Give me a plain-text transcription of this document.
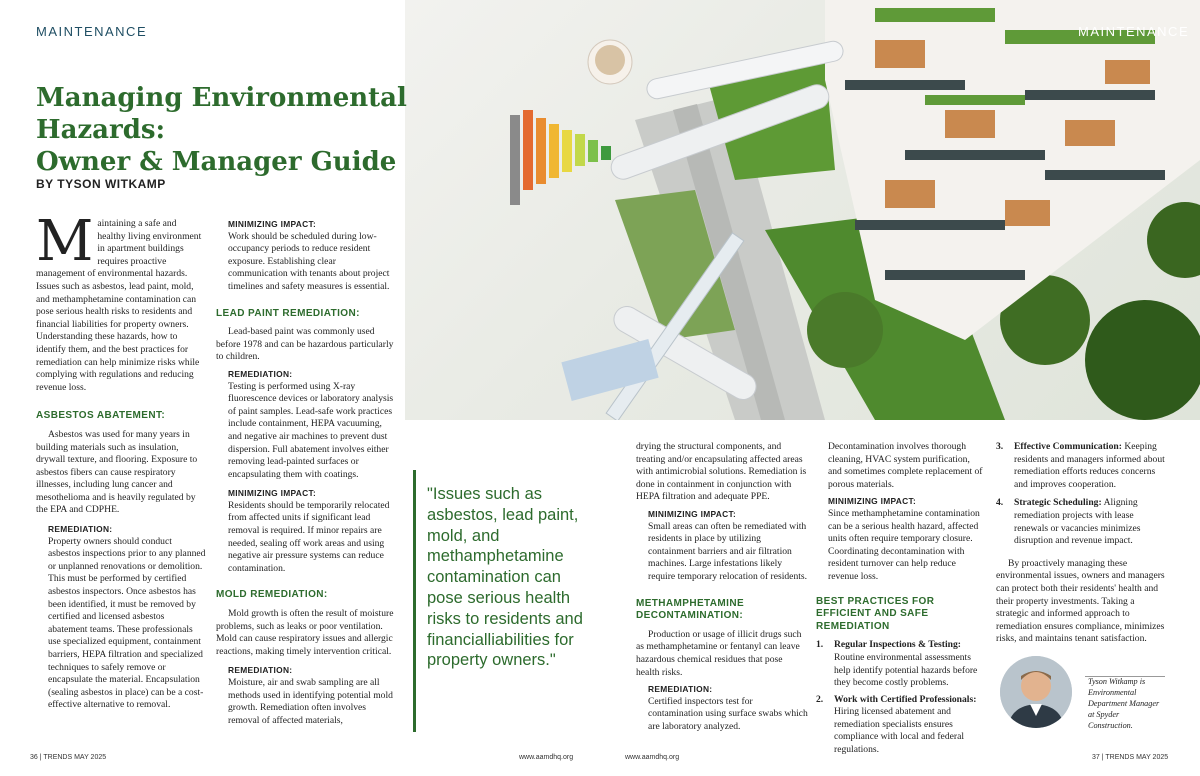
MAINTENANCE	MAINTENANCE
Managing Environmental Hazards:
Owner & Manager Guide
BY TYSON WITKAMP

Maintaining a safe and healthy living environment in apartment buildings requires proactive management of environmental hazards. Issues such as asbestos, lead paint, mold, and methamphetamine contamination can pose serious health risks to residents and financial liabilities for property owners. Understanding these hazards, how to identify them, and the best practices for remediation can help minimize risks while complying with regulations and reducing revenue loss.

ASBESTOS ABATEMENT:

Asbestos was used for many years in building materials such as insulation, drywall texture, and flooring. Exposure to asbestos fibers can cause respiratory illnesses, including lung cancer and mesothelioma and is heavily regulated by the EPA and CDPHE.

REMEDIATION:

Property owners should conduct asbestos inspections prior to any planned or unplanned renovations or demolition. This must be performed by certified asbestos inspectors. Once asbestos has been identified, it must be removed by certified and licensed asbestos abatement teams. These professionals use specialized equipment, containment barriers, HEPA filtration and specialized techniques to safely remove or encapsulate the material. Encapsulation (sealing asbestos in place) can be a cost-effective alternative to removal.

MINIMIZING IMPACT:

Work should be scheduled during low-occupancy periods to reduce resident exposure. Establishing clear communication with tenants about project timelines and safety measures is essential.

LEAD PAINT REMEDIATION:

Lead-based paint was commonly used before 1978 and can be hazardous particularly to children.

REMEDIATION:

Testing is performed using X-ray fluorescence devices or laboratory analysis of paint samples. Lead-safe work practices include containment, HEPA vacuuming, and negative air machines to prevent dust dispersion. Full abatement involves either removing lead-painted surfaces or encapsulating them with coatings.

MINIMIZING IMPACT:

Residents should be temporarily relocated from affected units if significant lead removal is required. If minor repairs are needed, sealing off work areas and using negative air pressure systems can reduce contamination.

MOLD REMEDIATION:

Mold growth is often the result of moisture problems, such as leaks or poor ventilation. Mold can cause respiratory issues and allergic reactions, making timely intervention critical.

REMEDIATION:

Moisture, air and swab sampling are all methods used in identifying potential mold growth. Remediation often involves removal of affected materials,

"Issues such as asbestos, lead paint, mold, and methamphetamine contamination can pose serious health risks to residents and financialliabilities for property owners."

drying the structural components, and treating and/or encapsulating affected areas with antimicrobial solutions. Remediation is done in containment in conjunction with HEPA filtration and adequate PPE.

MINIMIZING IMPACT:

Small areas can often be remediated with residents in place by utilizing containment barriers and air filtration machines. Large infestations likely require temporary relocation of residents.

METHAMPHETAMINE DECONTAMINATION:

Production or usage of illicit drugs such as methamphetamine or fentanyl can leave hazardous chemical residues that pose health risks.

REMEDIATION:

Certified inspectors test for contamination using surface swabs which are laboratory analyzed.

Decontamination involves thorough cleaning, HVAC system purification, and sometimes complete replacement of porous materials.

MINIMIZING IMPACT:

Since methamphetamine contamination can be a serious health hazard, affected units often require temporary closure. Coordinating decontamination with resident turnover can help reduce revenue loss.

BEST PRACTICES FOR EFFICIENT AND SAFE REMEDIATION

1. Regular Inspections & Testing: Routine environmental assessments help identify potential hazards before they become costly problems.
2. Work with Certified Professionals: Hiring licensed abatement and remediation specialists ensures compliance with local and federal regulations.
3. Effective Communication: Keeping residents and managers informed about remediation efforts reduces concerns and improves cooperation.
4. Strategic Scheduling: Aligning remediation projects with lease renewals or vacancies minimizes disruption and revenue impact.

By proactively managing these environmental issues, owners and managers can protect both their residents' health and their property investments. Taking a strategic and informed approach to remediation ensures compliance, minimizes risks, and maintains tenant satisfaction.

Tyson Witkamp is Environmental Department Manager at Spyder Construction.
36 | TRENDS MAY 2025	www.aamdhq.org	www.aamdhq.org	37 | TRENDS MAY 2025
